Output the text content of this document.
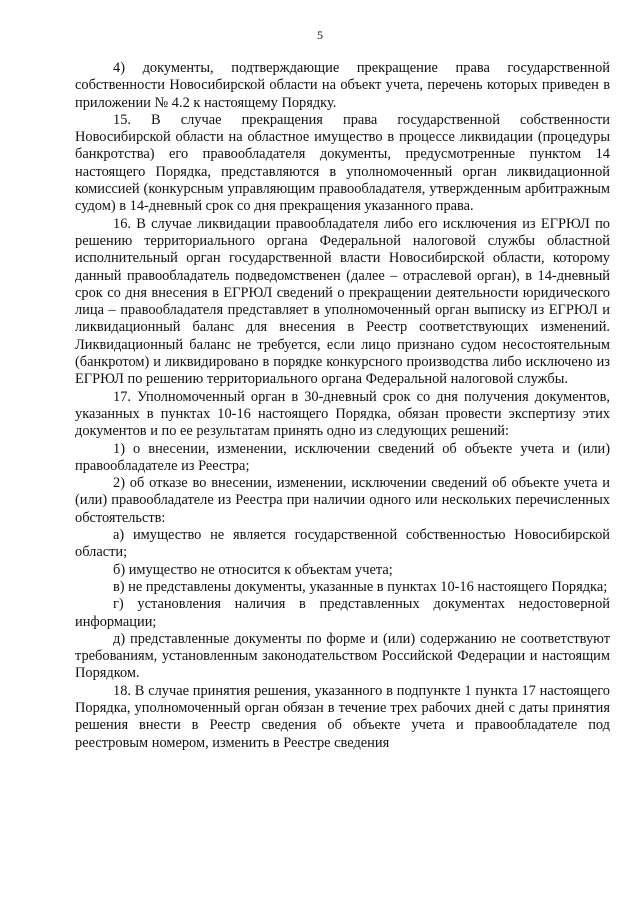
5

4) документы, подтверждающие прекращение права государственной собственности Новосибирской области на объект учета, перечень которых приведен в приложении № 4.2 к настоящему Порядку.

15. В случае прекращения права государственной собственности Новосибирской области на областное имущество в процессе ликвидации (процедуры банкротства) его правообладателя документы, предусмотренные пунктом 14 настоящего Порядка, представляются в уполномоченный орган ликвидационной комиссией (конкурсным управляющим правообладателя, утвержденным арбитражным судом) в 14-дневный срок со дня прекращения указанного права.

16. В случае ликвидации правообладателя либо его исключения из ЕГРЮЛ по решению территориального органа Федеральной налоговой службы областной исполнительный орган государственной власти Новосибирской области, которому данный правообладатель подведомственен (далее – отраслевой орган), в 14-дневный срок со дня внесения в ЕГРЮЛ сведений о прекращении деятельности юридического лица – правообладателя представляет в уполномоченный орган выписку из ЕГРЮЛ и ликвидационный баланс для внесения в Реестр соответствующих изменений. Ликвидационный баланс не требуется, если лицо признано судом несостоятельным (банкротом) и ликвидировано в порядке конкурсного производства либо исключено из ЕГРЮЛ по решению территориального органа Федеральной налоговой службы.

17. Уполномоченный орган в 30-дневный срок со дня получения документов, указанных в пунктах 10-16 настоящего Порядка, обязан провести экспертизу этих документов и по ее результатам принять одно из следующих решений:

1) о внесении, изменении, исключении сведений об объекте учета и (или) правообладателе из Реестра;

2) об отказе во внесении, изменении, исключении сведений об объекте учета и (или) правообладателе из Реестра при наличии одного или нескольких перечисленных обстоятельств:

а) имущество не является государственной собственностью Новосибирской области;

б) имущество не относится к объектам учета;

в) не представлены документы, указанные в пунктах 10-16 настоящего Порядка;

г) установления наличия в представленных документах недостоверной информации;

д) представленные документы по форме и (или) содержанию не соответствуют требованиям, установленным законодательством Российской Федерации и настоящим Порядком.

18. В случае принятия решения, указанного в подпункте 1 пункта 17 настоящего Порядка, уполномоченный орган обязан в течение трех рабочих дней с даты принятия решения внести в Реестр сведения об объекте учета и правообладателе под реестровым номером, изменить в Реестре сведения
